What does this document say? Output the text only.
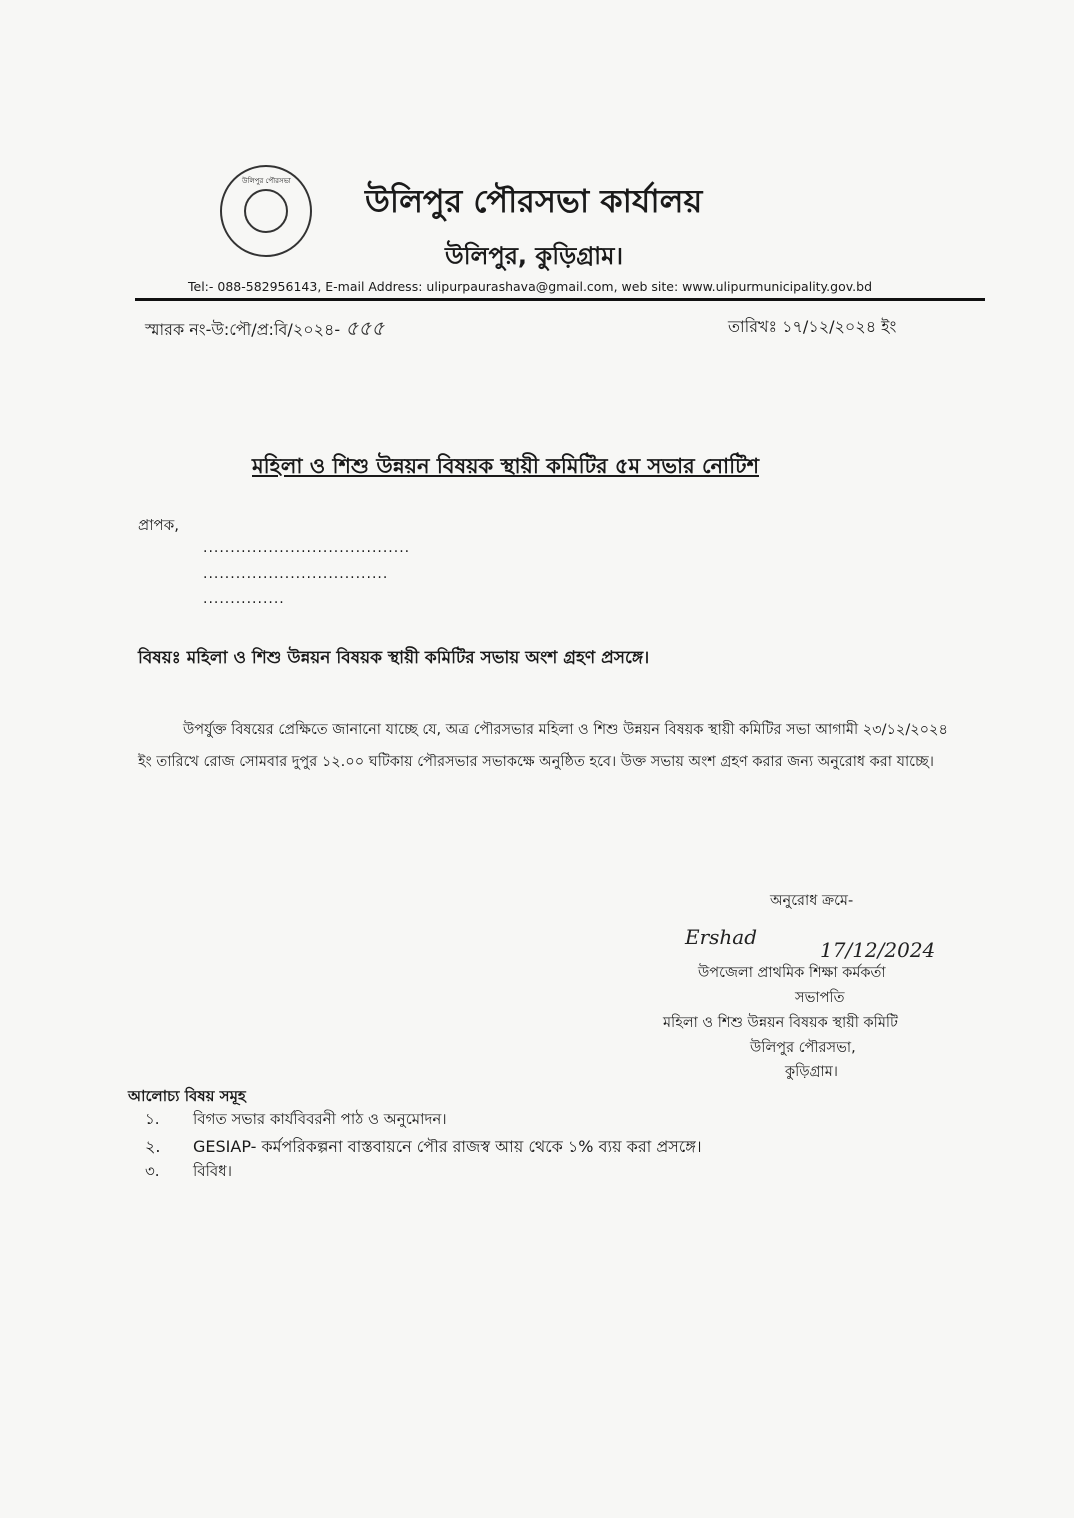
উলিপুর পৌরসভা
উলিপুর পৌরসভা কার্যালয়
উলিপুর, কুড়িগ্রাম।
Tel:- 088-582956143, E-mail Address: ulipurpaurashava@gmail.com, web site: www.ulipurmunicipality.gov.bd
স্মারক নং-উ:পৌ/প্র:বি/২০২৪- ৫৫৫	তারিখঃ ১৭/১২/২০২৪ ইং
মহিলা ও শিশু উন্নয়ন বিষয়ক স্থায়ী কমিটির ৫ম সভার নোটিশ
প্রাপক,
......................................
..................................
...............
বিষয়ঃ মহিলা ও শিশু উন্নয়ন বিষয়ক স্থায়ী কমিটির সভায় অংশ গ্রহণ প্রসঙ্গে।
উপর্যুক্ত বিষয়ের প্রেক্ষিতে জানানো যাচ্ছে যে, অত্র পৌরসভার মহিলা ও শিশু উন্নয়ন বিষয়ক স্থায়ী কমিটির সভা আগামী ২৩/১২/২০২৪ ইং তারিখে রোজ সোমবার দুপুর ১২.০০ ঘটিকায় পৌরসভার সভাকক্ষে অনুষ্ঠিত হবে। উক্ত সভায় অংশ গ্রহণ করার জন্য অনুরোধ করা যাচ্ছে।
অনুরোধ ক্রমে-
Ershad
17/12/2024
উপজেলা প্রাথমিক শিক্ষা কর্মকর্তা
সভাপতি
মহিলা ও শিশু উন্নয়ন বিষয়ক স্থায়ী কমিটি
উলিপুর পৌরসভা,
কুড়িগ্রাম।
আলোচ্য বিষয় সমূহ
১. বিগত সভার কার্যবিবরনী পাঠ ও অনুমোদন।
২. GESIAP- কর্মপরিকল্পনা বাস্তবায়নে পৌর রাজস্ব আয় থেকে ১% ব্যয় করা প্রসঙ্গে।
৩. বিবিধ।
